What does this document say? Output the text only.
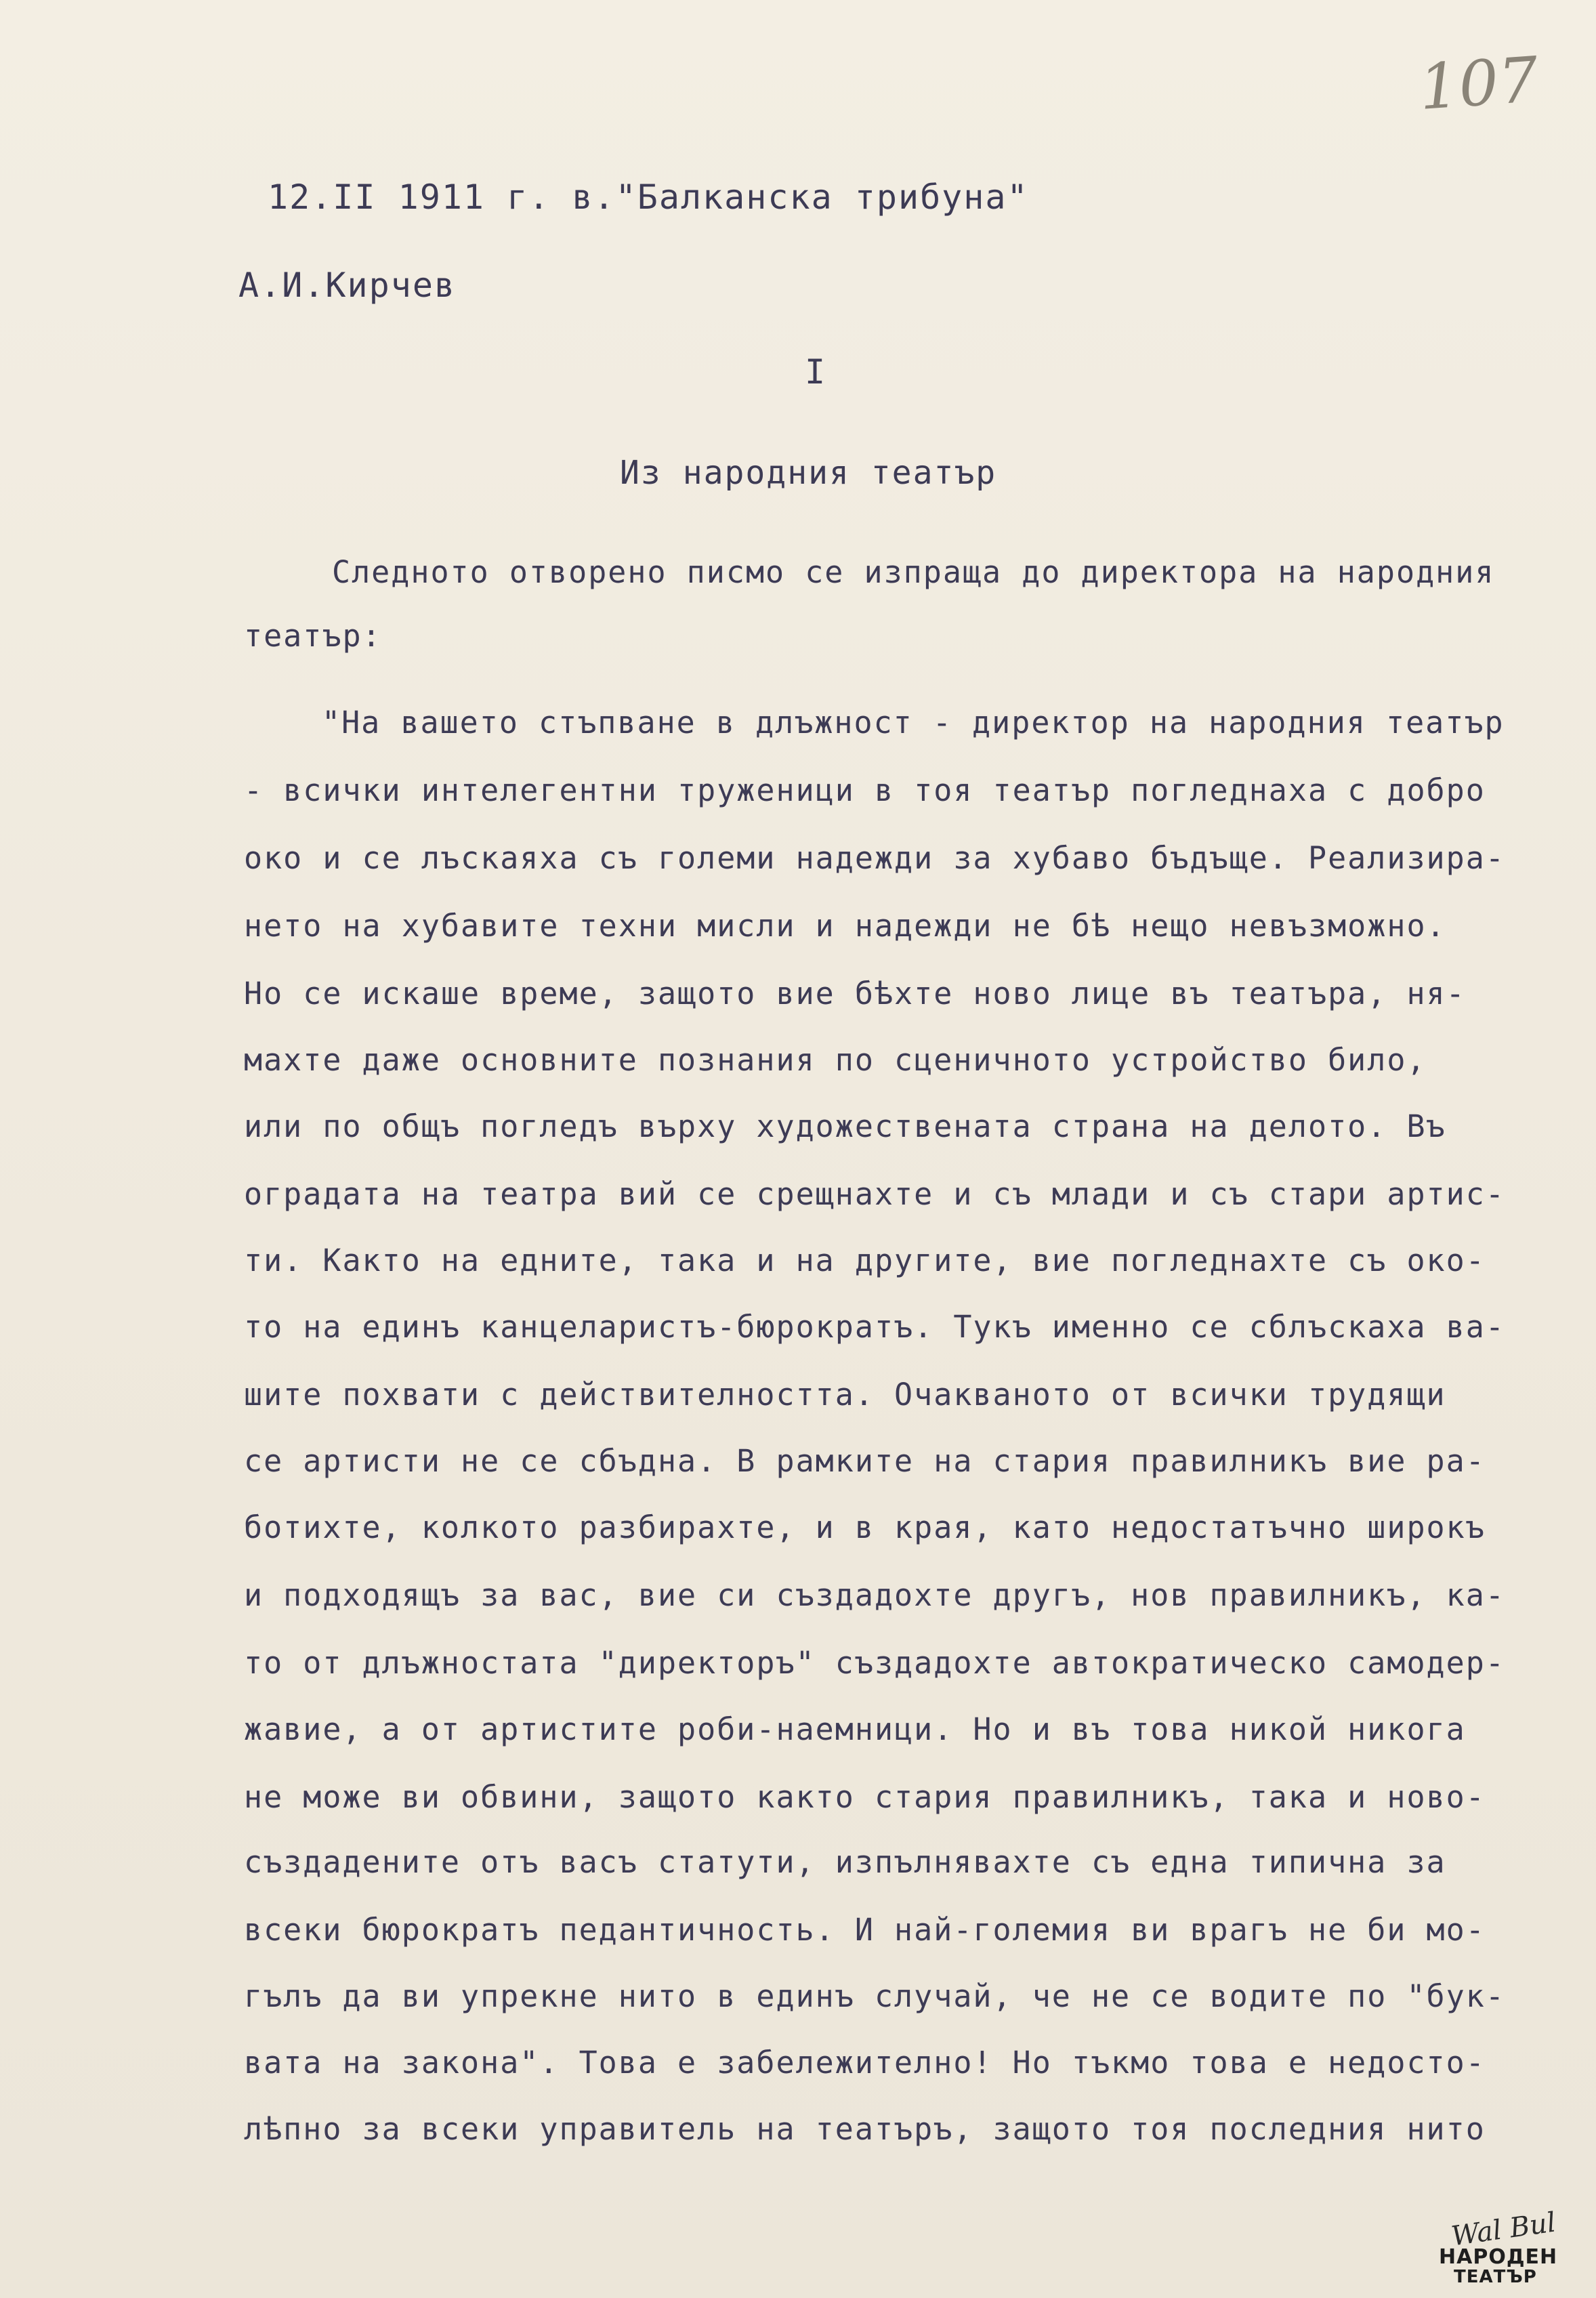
107
12.II 1911 г. в."Балканска трибуна"
А.И.Кирчев
I
Из народния театър
Следното отворено писмо се изпраща до директора на народния
театър:
"На вашето стъпване в длъжност - директор на народния театър
- всички интелегентни труженици в тоя театър погледнаха с добро
око и се лъскаяха съ големи надежди за хубаво бъдъще. Реализира-
нето на хубавите техни мисли и надежди не бѣ нещо невъзможно.
Но се искаше време, защото вие бѣхте ново лице въ театъра, ня-
махте даже основните познания по сценичното устройство било,
или по общъ погледъ върху художествената страна на делото. Въ
оградата на театра вий се срещнахте и съ млади и съ стари артис-
ти. Както на едните, така и на другите, вие погледнахте съ око-
то на единъ канцеларистъ-бюрократъ. Тукъ именно се сблъскаха ва-
шите похвати с действителността. Очакваното от всички трудящи
се артисти не се сбъдна. В рамките на стария правилникъ вие ра-
ботихте, колкото разбирахте, и в края, като недостатъчно широкъ
и подходящъ за вас, вие си създадохте другъ, нов правилникъ, ка-
то от длъжностата "директоръ" създадохте автократическо самодер-
жавие, а от артистите роби-наемници. Но и въ това никой никога
не може ви обвини, защото както стария правилникъ, така и ново-
създадените отъ васъ статути, изпълнявахте съ една типична за
всеки бюрократъ педантичность. И най-големия ви врагъ не би мо-
гълъ да ви упрекне нито в единъ случай, че не се водите по "бук-
вата на закона". Това е забележително! Но тъкмо това е недосто-
лѣпно за всеки управитель на театъръ, защото тоя последния нито
Wal Bul
НАРОДЕН
ТЕАТЪР
